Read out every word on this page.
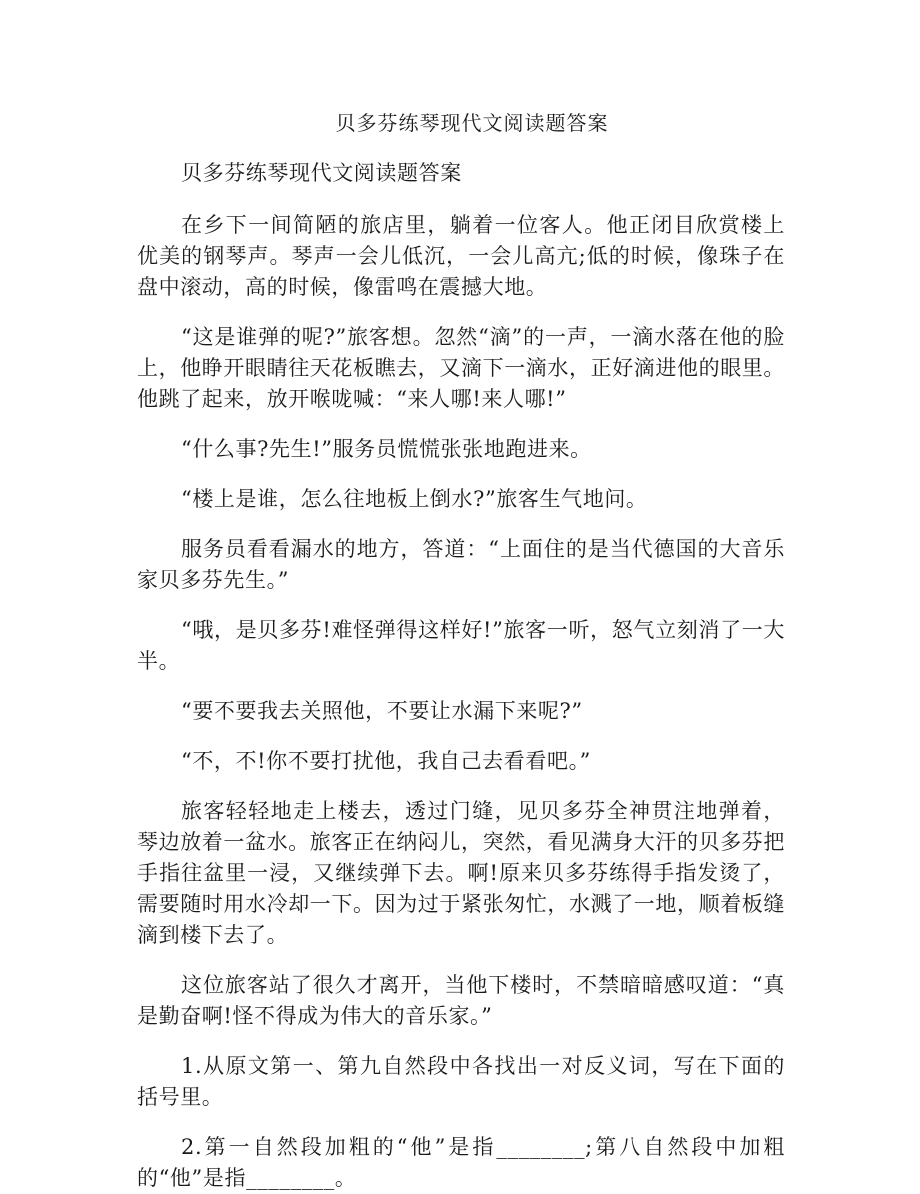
贝多芬练琴现代文阅读题答案

贝多芬练琴现代文阅读题答案

在乡下一间简陋的旅店里，躺着一位客人。他正闭目欣赏楼上优美的钢琴声。琴声一会儿低沉，一会儿高亢;低的时候，像珠子在盘中滚动，高的时候，像雷鸣在震撼大地。

“这是谁弹的呢?”旅客想。忽然“滴”的一声，一滴水落在他的脸上，他睁开眼睛往天花板瞧去，又滴下一滴水，正好滴进他的眼里。他跳了起来，放开喉咙喊：“来人哪!来人哪!”

“什么事?先生!”服务员慌慌张张地跑进来。

“楼上是谁，怎么往地板上倒水?”旅客生气地问。

服务员看看漏水的地方，答道：“上面住的是当代德国的大音乐家贝多芬先生。”

“哦，是贝多芬!难怪弹得这样好!”旅客一听，怒气立刻消了一大半。

“要不要我去关照他，不要让水漏下来呢?”

“不，不!你不要打扰他，我自己去看看吧。”

旅客轻轻地走上楼去，透过门缝，见贝多芬全神贯注地弹着，琴边放着一盆水。旅客正在纳闷儿，突然，看见满身大汗的贝多芬把手指往盆里一浸，又继续弹下去。啊!原来贝多芬练得手指发烫了，需要随时用水冷却一下。因为过于紧张匆忙，水溅了一地，顺着板缝滴到楼下去了。

这位旅客站了很久才离开，当他下楼时，不禁暗暗感叹道：“真是勤奋啊!怪不得成为伟大的音乐家。”

1.从原文第一、第九自然段中各找出一对反义词，写在下面的括号里。

2.第一自然段加粗的“他”是指________;第八自然段中加粗的“他”是指________。
